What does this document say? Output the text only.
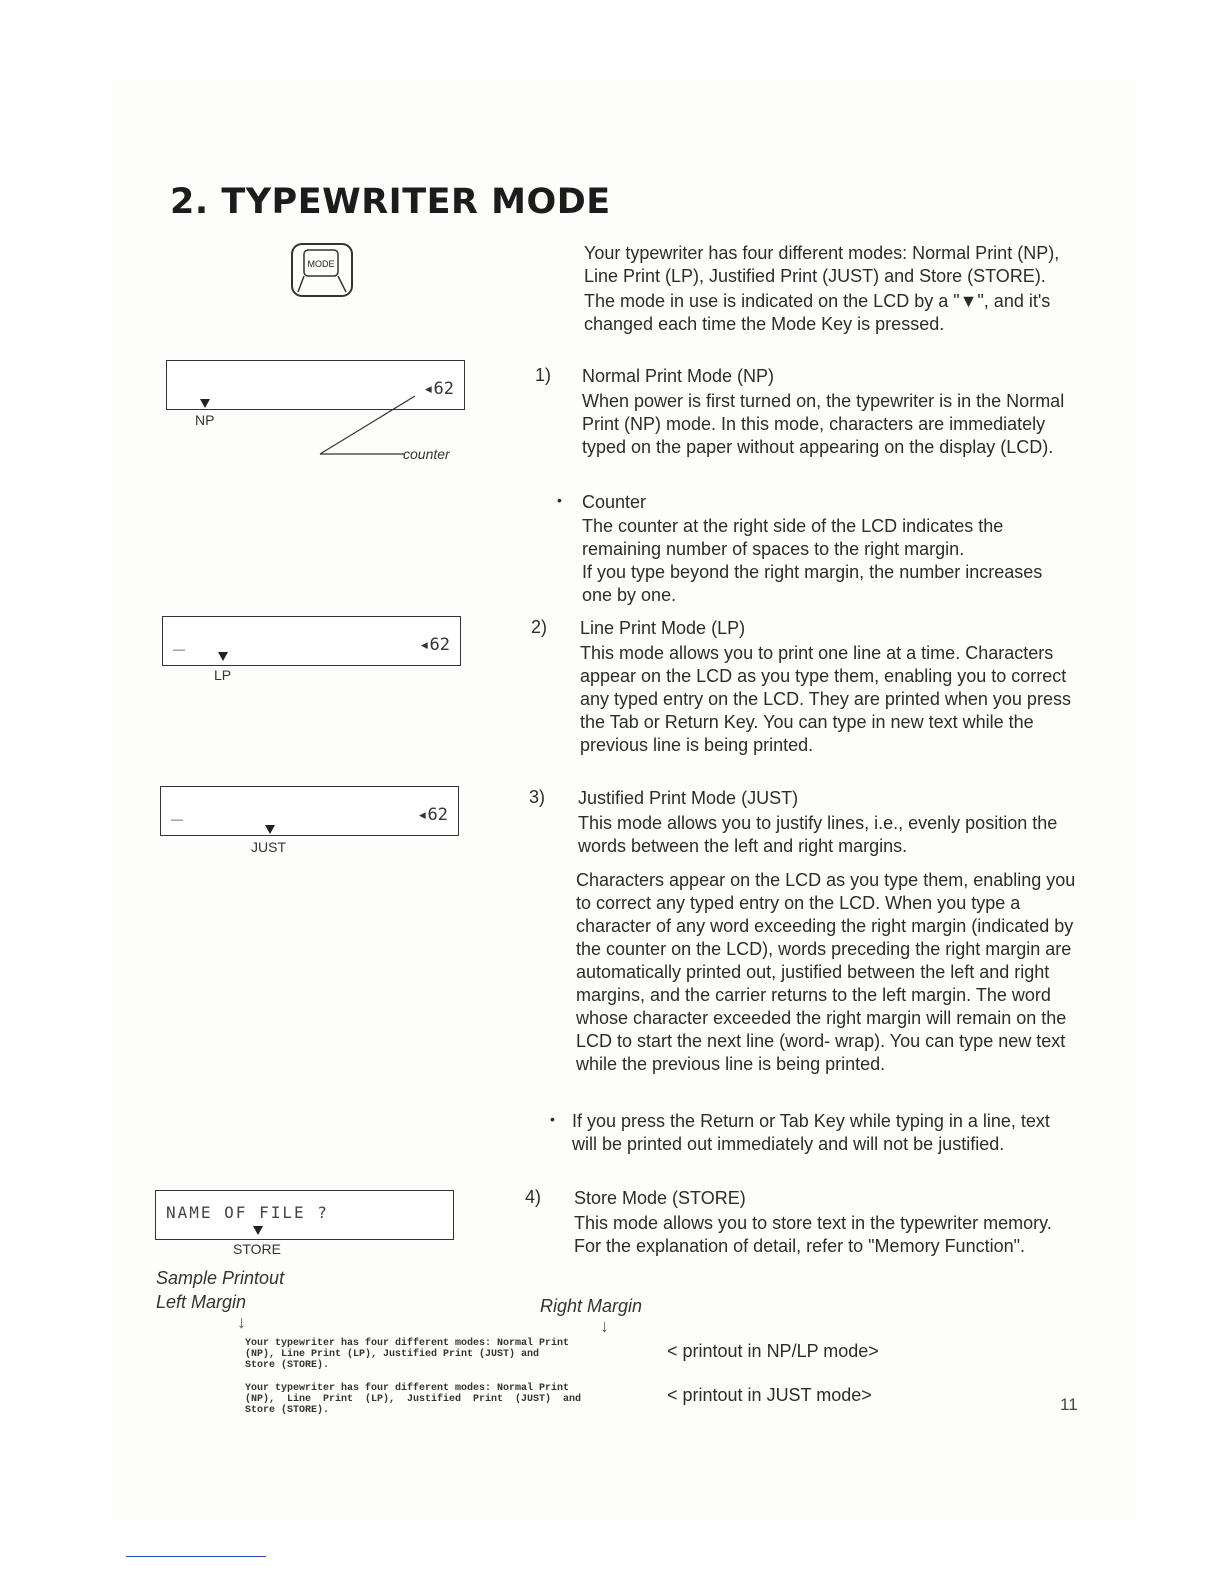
2. TYPEWRITER MODE
MODE

Your typewriter has four different modes: Normal Print (NP), Line Print (LP), Justified Print (JUST) and Store (STORE).

The mode in use is indicated on the LCD by a "▼", and it's changed each time the Mode Key is pressed.

◂62
NP
counter
1) Normal Print Mode (NP)

When power is first turned on, the typewriter is in the Normal Print (NP) mode. In this mode, characters are immediately typed on the paper without appearing on the display (LCD).

• Counter

The counter at the right side of the LCD indicates the remaining number of spaces to the right margin.

If you type beyond the right margin, the number increases one by one.

—	◂62
LP
2) Line Print Mode (LP)

This mode allows you to print one line at a time. Characters appear on the LCD as you type them, enabling you to correct any typed entry on the LCD. They are printed when you press the Tab or Return Key. You can type in new text while the previous line is being printed.

—	◂62
JUST
3) Justified Print Mode (JUST)

This mode allows you to justify lines, i.e., evenly position the words between the left and right margins.

Characters appear on the LCD as you type them, enabling you to correct any typed entry on the LCD. When you type a character of any word exceeding the right margin (indicated by the counter on the LCD), words preceding the right margin are automatically printed out, justified between the left and right margins, and the carrier returns to the left margin. The word whose character exceeded the right margin will remain on the LCD to start the next line (word- wrap). You can type new text while the previous line is being printed.

• If you press the Return or Tab Key while typing in a line, text will be printed out immediately and will not be justified.

NAME OF FILE ?
STORE
4) Store Mode (STORE)

This mode allows you to store text in the typewriter memory. For the explanation of detail, refer to "Memory Function".

Sample Printout
Left Margin	Right Margin
↓	↓
Your typewriter has four different modes: Normal Print
(NP), Line Print (LP), Justified Print (JUST) and
Store (STORE).
Your typewriter has four different modes: Normal Print
(NP),  Line  Print  (LP),  Justified  Print  (JUST)  and
Store (STORE).
< printout in NP/LP mode>
< printout in JUST mode>	11
